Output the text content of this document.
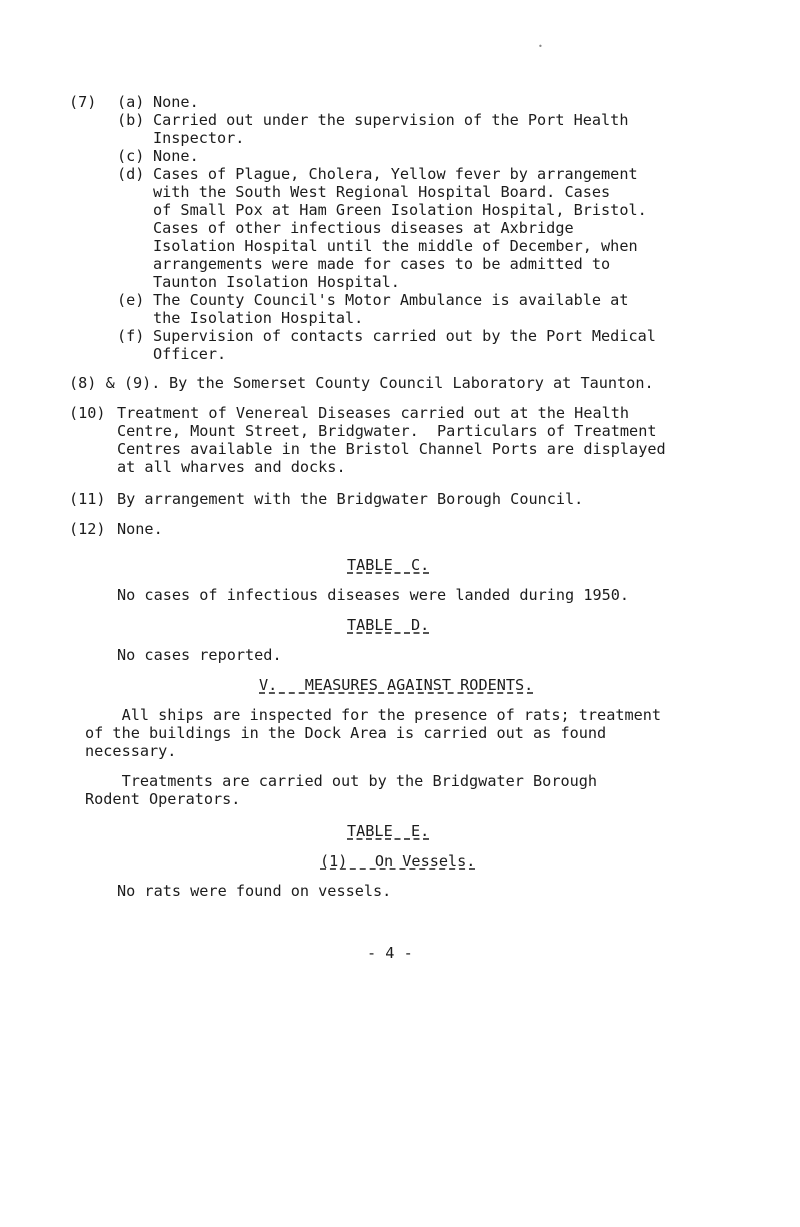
•
(7) (a) None.
(b) Carried out under the supervision of the Port Health
Inspector.
(c) None.
(d) Cases of Plague, Cholera, Yellow fever by arrangement
with the South West Regional Hospital Board. Cases
of Small Pox at Ham Green Isolation Hospital, Bristol.
Cases of other infectious diseases at Axbridge
Isolation Hospital until the middle of December, when
arrangements were made for cases to be admitted to
Taunton Isolation Hospital.
(e) The County Council's Motor Ambulance is available at
the Isolation Hospital.
(f) Supervision of contacts carried out by the Port Medical
Officer.
(8) & (9). By the Somerset County Council Laboratory at Taunton.
(10) Treatment of Venereal Diseases carried out at the Health
Centre, Mount Street, Bridgwater.  Particulars of Treatment
Centres available in the Bristol Channel Ports are displayed
at all wharves and docks.
(11) By arrangement with the Bridgwater Borough Council.
(12) None.
TABLE  C.
No cases of infectious diseases were landed during 1950.
TABLE  D.
No cases reported.
V.   MEASURES AGAINST RODENTS.
All ships are inspected for the presence of rats; treatment
of the buildings in the Dock Area is carried out as found
necessary.
Treatments are carried out by the Bridgwater Borough
Rodent Operators.
TABLE  E.
(1)   On Vessels.
No rats were found on vessels.
- 4 -
